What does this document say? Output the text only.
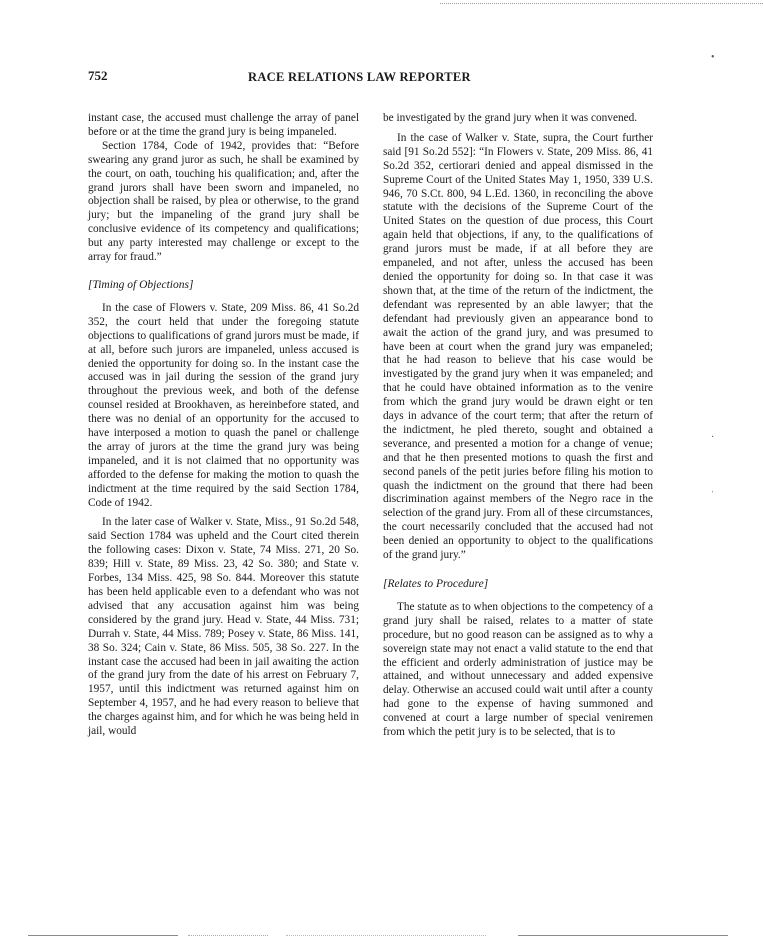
752	RACE RELATIONS LAW REPORTER

instant case, the accused must challenge the array of panel before or at the time the grand jury is being impaneled.

Section 1784, Code of 1942, provides that: “Before swearing any grand juror as such, he shall be examined by the court, on oath, touching his qualification; and, after the grand jurors shall have been sworn and impaneled, no objection shall be raised, by plea or otherwise, to the grand jury; but the impaneling of the grand jury shall be conclusive evidence of its competency and qualifications; but any party interested may challenge or except to the array for fraud.”

[Timing of Objections]

In the case of Flowers v. State, 209 Miss. 86, 41 So.2d 352, the court held that under the foregoing statute objections to qualifications of grand jurors must be made, if at all, before such jurors are impaneled, unless accused is denied the opportunity for doing so. In the instant case the accused was in jail during the session of the grand jury throughout the previous week, and both of the defense counsel resided at Brookhaven, as hereinbefore stated, and there was no denial of an opportunity for the accused to have interposed a motion to quash the panel or challenge the array of jurors at the time the grand jury was being impaneled, and it is not claimed that no opportunity was afforded to the defense for making the motion to quash the indictment at the time required by the said Section 1784, Code of 1942.

In the later case of Walker v. State, Miss., 91 So.2d 548, said Section 1784 was upheld and the Court cited therein the following cases: Dixon v. State, 74 Miss. 271, 20 So. 839; Hill v. State, 89 Miss. 23, 42 So. 380; and State v. Forbes, 134 Miss. 425, 98 So. 844. Moreover this statute has been held applicable even to a defendant who was not advised that any accusation against him was being considered by the grand jury. Head v. State, 44 Miss. 731; Durrah v. State, 44 Miss. 789; Posey v. State, 86 Miss. 141, 38 So. 324; Cain v. State, 86 Miss. 505, 38 So. 227. In the instant case the accused had been in jail awaiting the action of the grand jury from the date of his arrest on February 7, 1957, until this indictment was returned against him on September 4, 1957, and he had every reason to believe that the charges against him, and for which he was being held in jail, would

be investigated by the grand jury when it was convened.

In the case of Walker v. State, supra, the Court further said [91 So.2d 552]: “In Flowers v. State, 209 Miss. 86, 41 So.2d 352, certiorari denied and appeal dismissed in the Supreme Court of the United States May 1, 1950, 339 U.S. 946, 70 S.Ct. 800, 94 L.Ed. 1360, in reconciling the above statute with the decisions of the Supreme Court of the United States on the question of due process, this Court again held that objections, if any, to the qualifications of grand jurors must be made, if at all before they are empaneled, and not after, unless the accused has been denied the opportunity for doing so. In that case it was shown that, at the time of the return of the indictment, the defendant was represented by an able lawyer; that the defendant had previously given an appearance bond to await the action of the grand jury, and was presumed to have been at court when the grand jury was empaneled; that he had reason to believe that his case would be investigated by the grand jury when it was empaneled; and that he could have obtained information as to the venire from which the grand jury would be drawn eight or ten days in advance of the court term; that after the return of the indictment, he pled thereto, sought and obtained a severance, and presented a motion for a change of venue; and that he then presented motions to quash the first and second panels of the petit juries before filing his motion to quash the indictment on the ground that there had been discrimination against members of the Negro race in the selection of the grand jury. From all of these circumstances, the court necessarily concluded that the accused had not been denied an opportunity to object to the qualifications of the grand jury.”

[Relates to Procedure]

The statute as to when objections to the competency of a grand jury shall be raised, relates to a matter of state procedure, but no good reason can be assigned as to why a sovereign state may not enact a valid statute to the end that the efficient and orderly administration of justice may be attained, and without unnecessary and added expensive delay. Otherwise an accused could wait until after a county had gone to the expense of having summoned and convened at court a large number of special veniremen from which the petit jury is to be selected, that is to

•
·
ˈ
